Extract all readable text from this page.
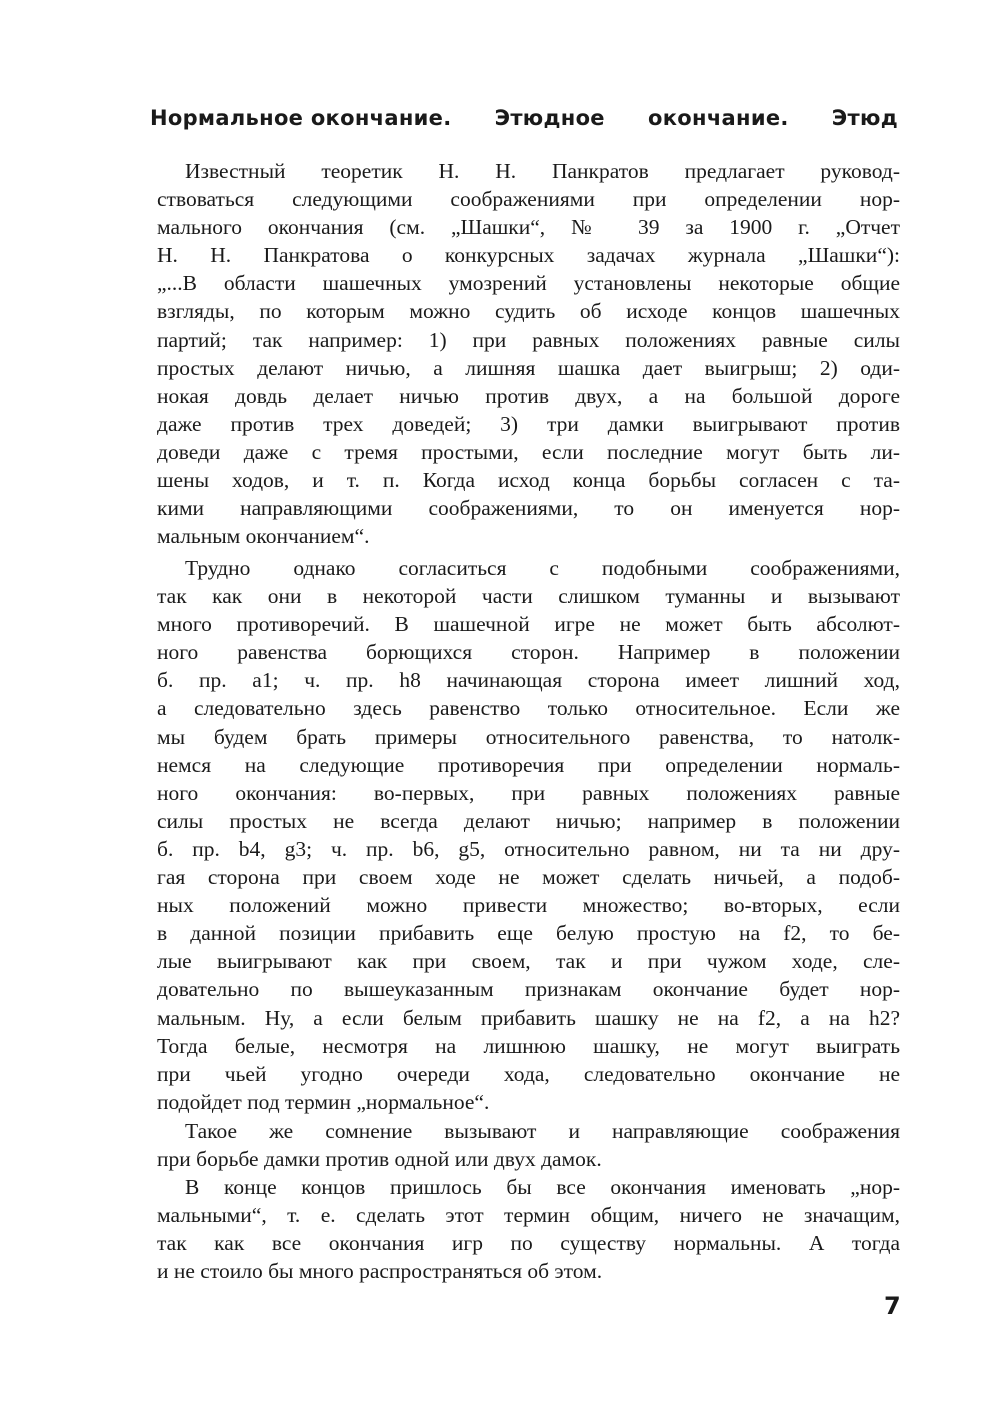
Нормальное окончание. Этюдное окончание. Этюд
Известный теоретик Н. Н. Панкратов предлагает руковод-
ствоваться следующими соображениями при определении нор-
мального окончания (см. „Шашки“, № 39 за 1900 г. „Отчет
Н. Н. Панкратова о конкурсных задачах журнала „Шашки“):
„...В области шашечных умозрений установлены некоторые общие
взгляды, по которым можно судить об исходе концов шашечных
партий; так например: 1) при равных положениях равные силы
простых делают ничью, а лишняя шашка дает выигрыш; 2) оди-
нокая довдь делает ничью против двух, а на большой дороге
даже против трех доведей; 3) три дамки выигрывают против
доведи даже с тремя простыми, если последние могут быть ли-
шены ходов, и т. п. Когда исход конца борьбы согласен с та-
кими направляющими соображениями, то он именуется нор-
мальным окончанием“.
Трудно однако согласиться с подобными соображениями,
так как они в некоторой части слишком туманны и вызывают
много противоречий. В шашечной игре не может быть абсолют-
ного равенства борющихся сторон. Например в положении
б. пр. a1; ч. пр. h8 начинающая сторона имеет лишний ход,
а следовательно здесь равенство только относительное. Если же
мы будем брать примеры относительного равенства, то натолк-
немся на следующие противоречия при определении нормаль-
ного окончания: во-первых, при равных положениях равные
силы простых не всегда делают ничью; например в положении
б. пр. b4, g3; ч. пр. b6, g5, относительно равном, ни та ни дру-
гая сторона при своем ходе не может сделать ничьей, а подоб-
ных положений можно привести множество; во-вторых, если
в данной позиции прибавить еще белую простую на f2, то бе-
лые выигрывают как при своем, так и при чужом ходе, сле-
довательно по вышеуказанным признакам окончание будет нор-
мальным. Ну, а если белым прибавить шашку не на f2, а на h2?
Тогда белые, несмотря на лишнюю шашку, не могут выиграть
при чьей угодно очереди хода, следовательно окончание не
подойдет под термин „нормальное“.
Такое же сомнение вызывают и направляющие соображения
при борьбе дамки против одной или двух дамок.
В конце концов пришлось бы все окончания именовать „нор-
мальными“, т. е. сделать этот термин общим, ничего не значащим,
так как все окончания игр по существу нормальны. А тогда
и не стоило бы много распространяться об этом.
7
